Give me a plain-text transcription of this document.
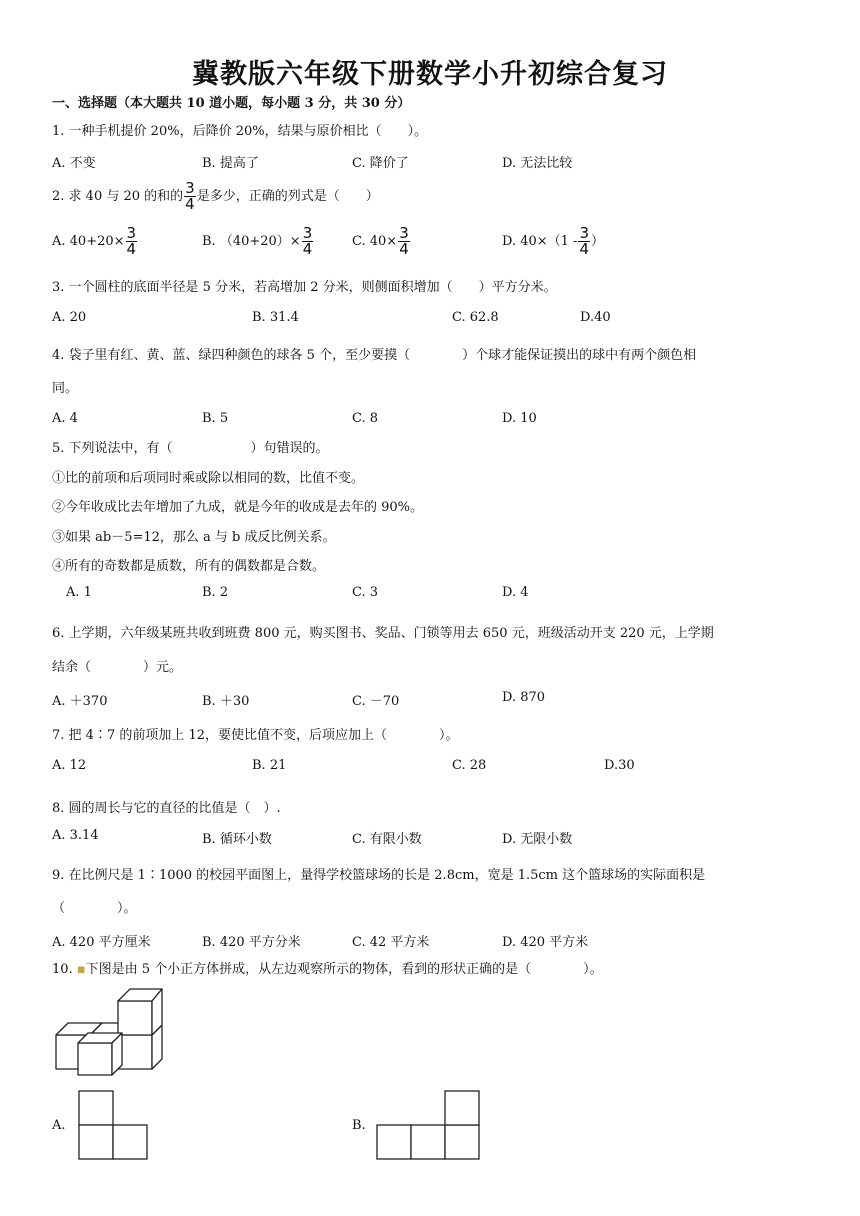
冀教版六年级下册数学小升初综合复习
一、选择题（本大题共 10 道小题，每小题 3 分，共 30 分）
1. 一种手机提价 20%，后降价 20%，结果与原价相比（　　）。
A. 不变	B. 提高了	C. 降价了	D. 无法比较
2. 求 40 与 20 的和的 $\frac{3}{4}$ 是多少，正确的列式是（　　）
A. $40+20\times \frac{3}{4}$	B. $(40+20)\times \frac{3}{4}$	C. $40\times \frac{3}{4}$	D. $40\times(1 - \frac{3}{4}$ ）
3. 一个圆柱的底面半径是 5 分米，若高增加 2 分米，则侧面积增加（　　）平方分米。
A. 20	B. 31.4	C. 62.8	D.40
4. 袋子里有红、黄、蓝、绿四种颜色的球各 5 个，至少要摸（　　　　）个球才能保证摸出的球中有两个颜色相
同。
A. 4	B. 5	C. 8	D. 10
5. 下列说法中，有（　　　　　　）句错误的。
①比的前项和后项同时乘或除以相同的数，比值不变。
②今年收成比去年增加了九成，就是今年的收成是去年的 90%。
③如果 ab－5=12，那么 a 与 b 成反比例关系。
④所有的奇数都是质数，所有的偶数都是合数。
A. 1	B. 2	C. 3	D. 4
6. 上学期，六年级某班共收到班费 800 元，购买图书、奖品、门锁等用去 650 元，班级活动开支 220 元，上学期
结余（　　　　）元。
A. ＋370	B. ＋30	C. －70	D. 870
7. 把 4∶7 的前项加上 12，要使比值不变，后项应加上（　　　　）。
A. 12	B. 21	C. 28	D.30
8. 圆的周长与它的直径的比值是（　）.
A. 3.14	B. 循环小数	C. 有限小数	D. 无限小数
9. 在比例尺是 1∶1000 的校园平面图上，量得学校篮球场的长是 2.8cm，宽是 1.5cm 这个篮球场的实际面积是
（　　　　）。
A. 420 平方厘米	B. 420 平方分米	C. 42 平方米	D. 420 平方米
10. ▪下图是由 5 个小正方体拼成，从左边观察所示的物体，看到的形状正确的是（　　　　）。
A.	B.
